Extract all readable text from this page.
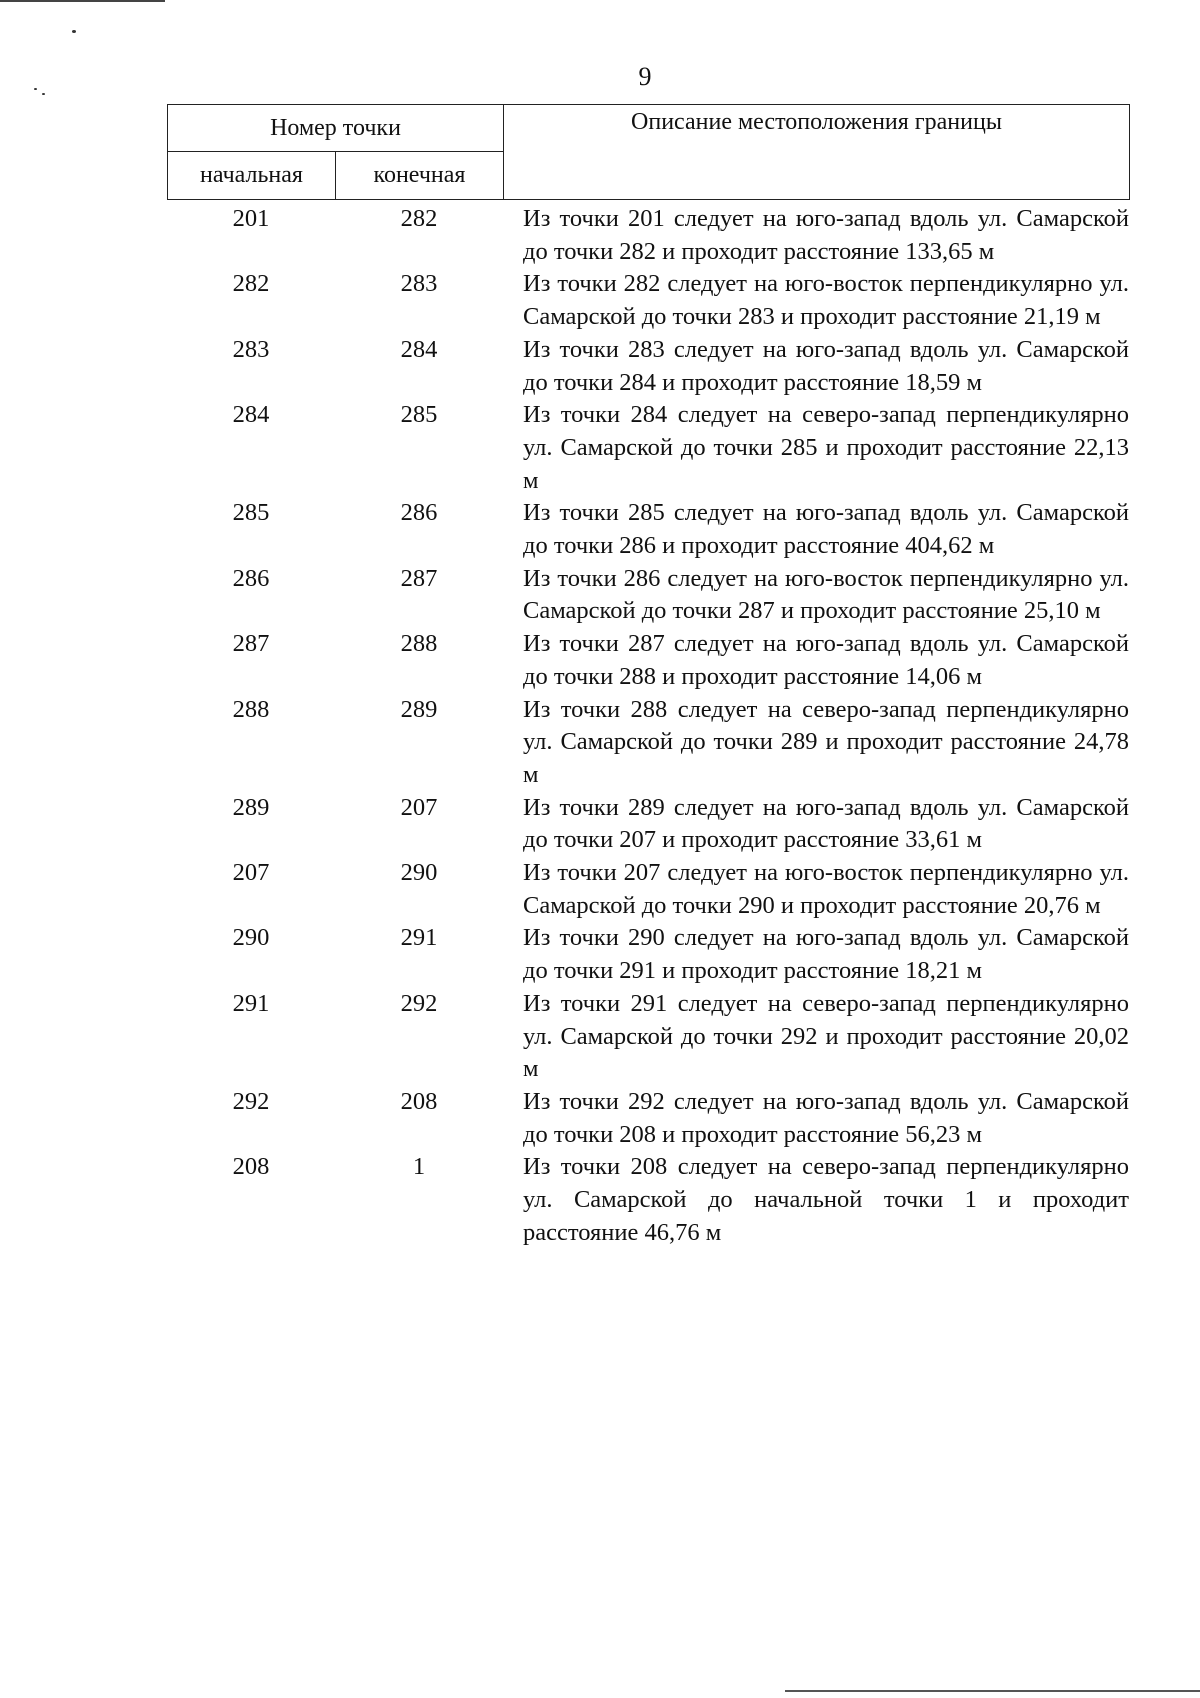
9
Номер точки		Описание местоположения границы
начальная	конечная	
201	282	Из точки 201 следует на юго-запад вдоль ул. Самарской до точки 282 и проходит расстояние 133,65 м
282	283	Из точки 282 следует на юго-восток перпендикулярно ул. Самарской до точки 283 и проходит расстояние 21,19 м
283	284	Из точки 283 следует на юго-запад вдоль ул. Самарской до точки 284 и проходит расстояние 18,59 м
284	285	Из точки 284 следует на северо-запад перпендикулярно ул. Самарской до точки 285 и проходит расстояние 22,13 м
285	286	Из точки 285 следует на юго-запад вдоль ул. Самарской до точки 286 и проходит расстояние 404,62 м
286	287	Из точки 286 следует на юго-восток перпендикулярно ул. Самарской до точки 287 и проходит расстояние 25,10 м
287	288	Из точки 287 следует на юго-запад вдоль ул. Самарской до точки 288 и проходит расстояние 14,06 м
288	289	Из точки 288 следует на северо-запад перпендикулярно ул. Самарской до точки 289 и проходит расстояние 24,78 м
289	207	Из точки 289 следует на юго-запад вдоль ул. Самарской до точки 207 и проходит расстояние 33,61 м
207	290	Из точки 207 следует на юго-восток перпендикулярно ул. Самарской до точки 290 и проходит расстояние 20,76 м
290	291	Из точки 290 следует на юго-запад вдоль ул. Самарской до точки 291 и проходит расстояние 18,21 м
291	292	Из точки 291 следует на северо-запад перпендикулярно ул. Самарской до точки 292 и проходит расстояние 20,02 м
292	208	Из точки 292 следует на юго-запад вдоль ул. Самарской до точки 208 и проходит расстояние 56,23 м
208	1	Из точки 208 следует на северо-запад перпендикулярно ул. Самарской до начальной точки 1 и проходит расстояние 46,76 м
